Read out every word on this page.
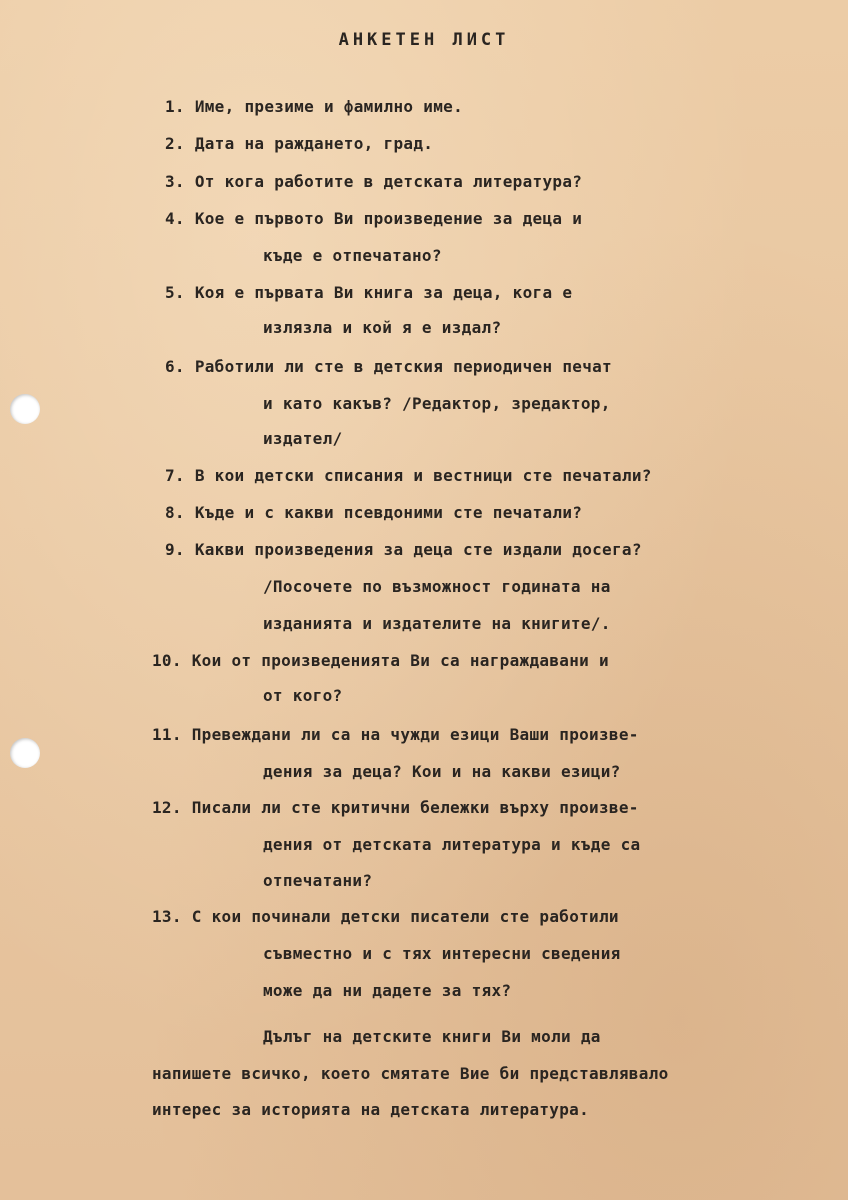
АНКЕТЕН ЛИСТ
1. Име, презиме и фамилно име.
2. Дата на раждането, град.
3. От кога работите в детската литература?
4. Кое е първото Ви произведение за деца и
къде е отпечатано?
5. Коя е първата Ви книга за деца, кога е
излязла и кой я е издал?
6. Работили ли сте в детския периодичен печат
и като какъв? /Редактор, зредактор,
издател/
7. В кои детски списания и вестници сте печатали?
8. Къде и с какви псевдоними сте печатали?
9. Какви произведения за деца сте издали досега?
/Посочете по възможност годината на
изданията и издателите на книгите/.
10. Кои от произведенията Ви са награждавани и
от кого?
11. Превеждани ли са на чужди езици Ваши произве-
дения за деца? Кои и на какви езици?
12. Писали ли сте критични бележки върху произве-
дения от детската литература и къде са
отпечатани?
13. С кои починали детски писатели сте работили
съвместно и с тях интересни сведения
може да ни дадете за тях?
Дълъг на детските книги Ви моли да
напишете всичко, което смятате Вие би представлявало
интерес за историята на детската литература.
